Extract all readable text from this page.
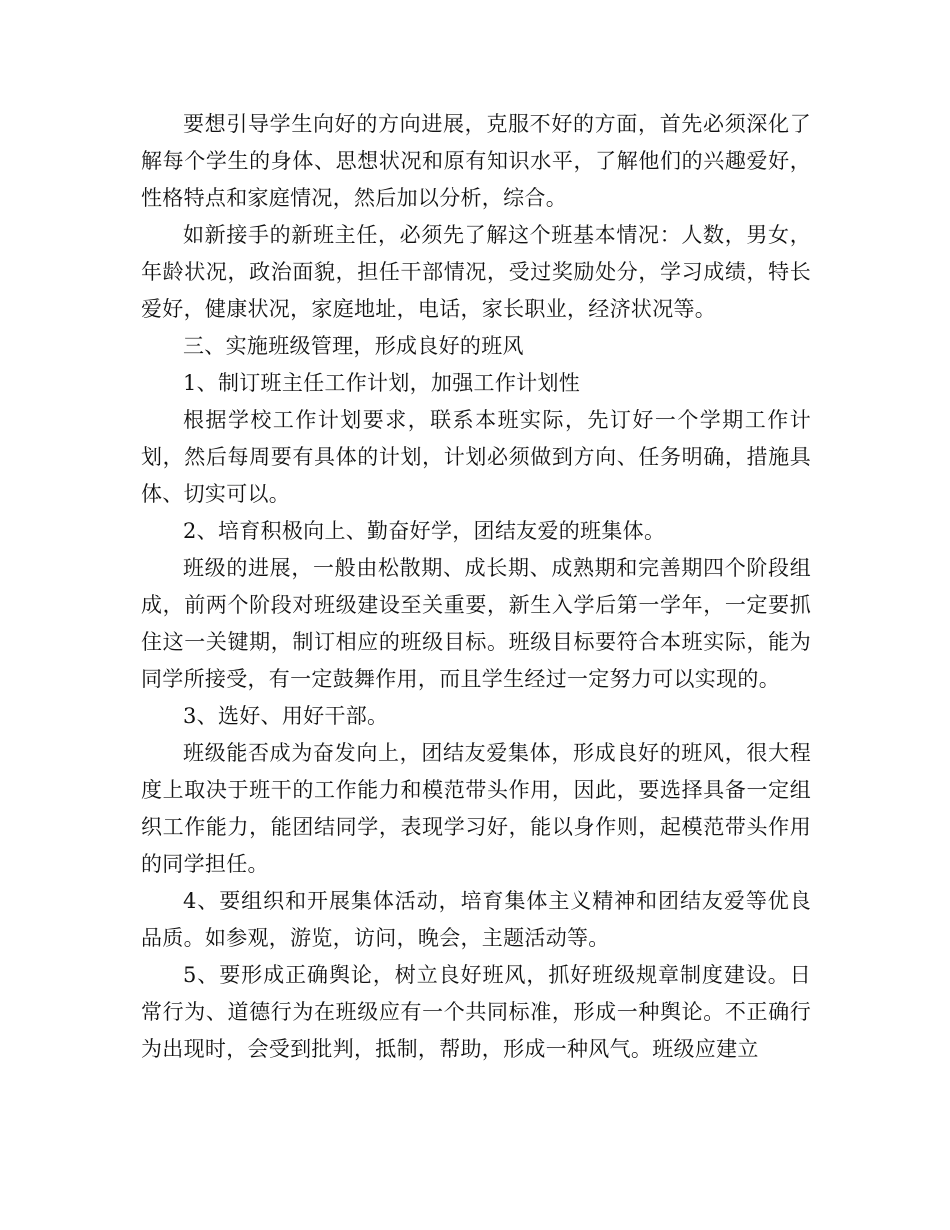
要想引导学生向好的方向进展，克服不好的方面，首先必须深化了解每个学生的身体、思想状况和原有知识水平，了解他们的兴趣爱好，性格特点和家庭情况，然后加以分析，综合。

如新接手的新班主任，必须先了解这个班基本情况：人数，男女，年龄状况，政治面貌，担任干部情况，受过奖励处分，学习成绩，特长爱好，健康状况，家庭地址，电话，家长职业，经济状况等。

三、实施班级管理，形成良好的班风

1、制订班主任工作计划，加强工作计划性

根据学校工作计划要求，联系本班实际，先订好一个学期工作计划，然后每周要有具体的计划，计划必须做到方向、任务明确，措施具体、切实可以。

2、培育积极向上、勤奋好学，团结友爱的班集体。

班级的进展，一般由松散期、成长期、成熟期和完善期四个阶段组成，前两个阶段对班级建设至关重要，新生入学后第一学年，一定要抓住这一关键期，制订相应的班级目标。班级目标要符合本班实际，能为同学所接受，有一定鼓舞作用，而且学生经过一定努力可以实现的。

3、选好、用好干部。

班级能否成为奋发向上，团结友爱集体，形成良好的班风，很大程度上取决于班干的工作能力和模范带头作用，因此，要选择具备一定组织工作能力，能团结同学，表现学习好，能以身作则，起模范带头作用的同学担任。

4、要组织和开展集体活动，培育集体主义精神和团结友爱等优良品质。如参观，游览，访问，晚会，主题活动等。

5、要形成正确舆论，树立良好班风，抓好班级规章制度建设。日常行为、道德行为在班级应有一个共同标准，形成一种舆论。不正确行为出现时，会受到批判，抵制，帮助，形成一种风气。班级应建立
